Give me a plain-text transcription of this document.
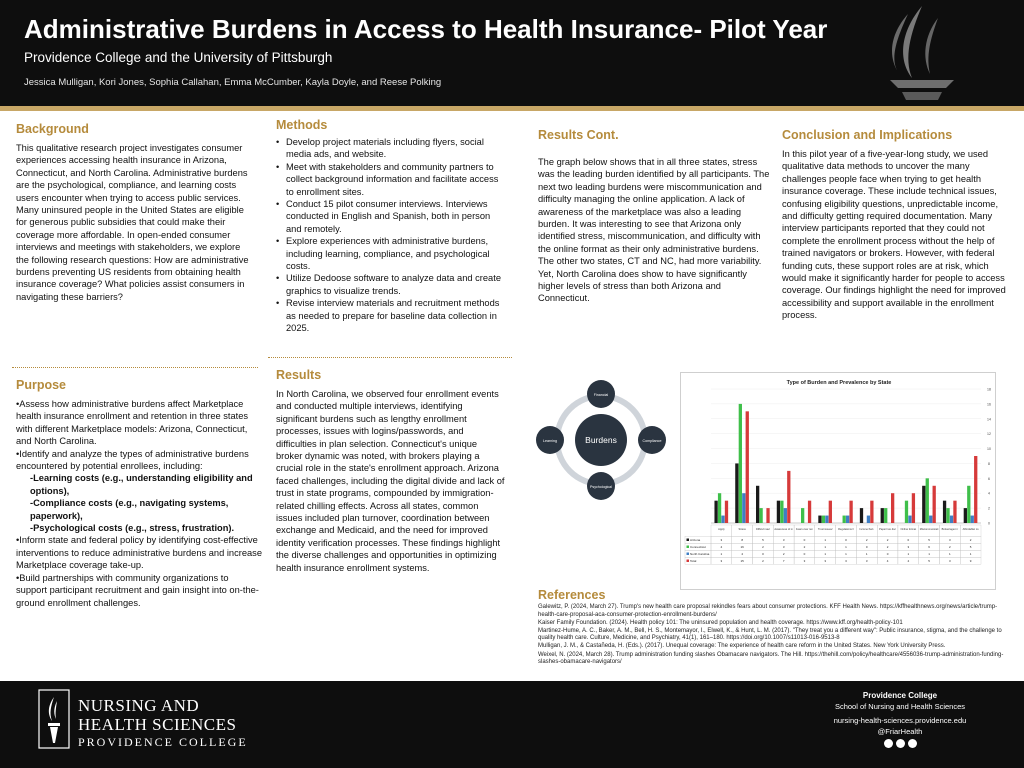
Administrative Burdens in Access to Health Insurance- Pilot Year
Providence College and the University of Pittsburgh
Jessica Mulligan, Kori Jones, Sophia Callahan, Emma McCumber, Kayla Doyle, and Reese Polking
Background
This qualitative research project investigates consumer experiences accessing health insurance in Arizona, Connecticut, and North Carolina. Administrative burdens are the psychological, compliance, and learning costs users encounter when trying to access public services. Many uninsured people in the United States are eligible for generous public subsidies that could make their coverage more affordable. In open-ended consumer interviews and meetings with stakeholders, we explore the following research questions: How are administrative burdens preventing US residents from obtaining health insurance coverage? What policies assist consumers in navigating these barriers?
Purpose

•Assess how administrative burdens affect Marketplace health insurance enrollment and retention in three states with different Marketplace models: Arizona, Connecticut, and North Carolina.

•Identify and analyze the types of administrative burdens encountered by potential enrollees, including:

-Learning costs (e.g., understanding eligibility and options),

-Compliance costs (e.g., navigating systems, paperwork),

-Psychological costs (e.g., stress, frustration).

•Inform state and federal policy by identifying cost-effective interventions to reduce administrative burdens and increase Marketplace coverage take-up.

•Build partnerships with community organizations to support participant recruitment and gain insight into on-the-ground enrollment challenges.

Methods
• Develop project materials including flyers, social media ads, and website.
• Meet with stakeholders and community partners to collect background information and facilitate access to enrollment sites.
• Conduct 15 pilot consumer interviews. Interviews conducted in English and Spanish, both in person and remotely.
• Explore experiences with administrative burdens, including learning, compliance, and psychological costs.
• Utilize Dedoose software to analyze data and create graphics to visualize trends.
• Revise interview materials and recruitment methods as needed to prepare for baseline data collection in 2025.
Results
In North Carolina, we observed four enrollment events and conducted multiple interviews, identifying significant burdens such as lengthy enrollment processes, issues with logins/passwords, and difficulties in plan selection. Connecticut's unique broker dynamic was noted, with brokers playing a crucial role in the state's enrollment approach. Arizona faced challenges, including the digital divide and lack of trust in state programs, compounded by immigration-related chilling effects. Across all states, common issues included plan turnover, coordination between exchange and Medicaid, and the need for improved identity verification processes. These findings highlight the diverse challenges and opportunities in optimizing health insurance enrollment systems.
Results Cont.
The graph below shows that in all three states, stress was the leading burden identified by all participants. The next two leading burdens were miscommunication and difficulty managing the online application. A lack of awareness of the marketplace was also a leading burden. It was interesting to see that Arizona only identified stress, miscommunication, and difficulty with the online format as their only administrative burdens. The other two states, CT and NC, had more variability. Yet, North Carolina does show to have significantly higher levels of stress than both Arizona and Connecticut.
Conclusion and Implications
In this pilot year of a five-year-long study, we used qualitative data methods to uncover the many challenges people face when trying to get health insurance coverage. These include technical issues, confusing eligibility questions, unpredictable income, and difficulty getting required documentation. Many interview participants reported that they could not complete the enrollment process without the help of trained navigators or brokers. However, with federal funding cuts, these support roles are at risk, which would make it significantly harder for people to access coverage. Our findings highlight the need for improved accessibility and support available in the enrollment process.
Burdens
Financial
Learning	Compliance
Psychological
Type of Burden and Prevalence by State
0
2
4
6
8
10
12
14
16
18
Apply	Stress	Difficult navi Awareness of m Fears over ren Trust issues/ Regulations/ l Income fluct. Paper/ tax doc Online format Miscommunicati Broker/agent r Affordable/ co
Arizona	3	8	5	3	0	1	0	2	2	0	5	3	2
Connecticut	4	16	2	3	2	1	1	0	2	3	6	2	5
North Carolina	1	4	0	2	0	1	1	1	0	1	1	1	1
Total	3	15	2	7	3	3	3	3	4	4	5	3	9
References

Galewitz, P. (2024, March 27). Trump's new health care proposal rekindles fears about consumer protections. KFF Health News. https://kffhealthnews.org/news/article/trump-health-care-proposal-aca-consumer-protection-enrollment-burdens/

Kaiser Family Foundation. (2024). Health policy 101: The uninsured population and health coverage. https://www.kff.org/health-policy-101

Martinez-Hume, A. C., Baker, A. M., Bell, H. S., Montemayor, I., Elwell, K., & Hunt, L. M. (2017). "They treat you a different way": Public insurance, stigma, and the challenge to quality health care. Culture, Medicine, and Psychiatry, 41(1), 161–180. https://doi.org/10.1007/s11013-016-9513-8

Mulligan, J. M., & Castañeda, H. (Eds.). (2017). Unequal coverage: The experience of health care reform in the United States. New York University Press.

Weixel, N. (2024, March 28). Trump administration funding slashes Obamacare navigators. The Hill. https://thehill.com/policy/healthcare/4556036-trump-administration-funding-slashes-obamacare-navigators/

NURSING AND
HEALTH SCIENCES
PROVIDENCE COLLEGE
Providence College
School of Nursing and Health Sciences
nursing-health-sciences.providence.edu
@FriarHealth
